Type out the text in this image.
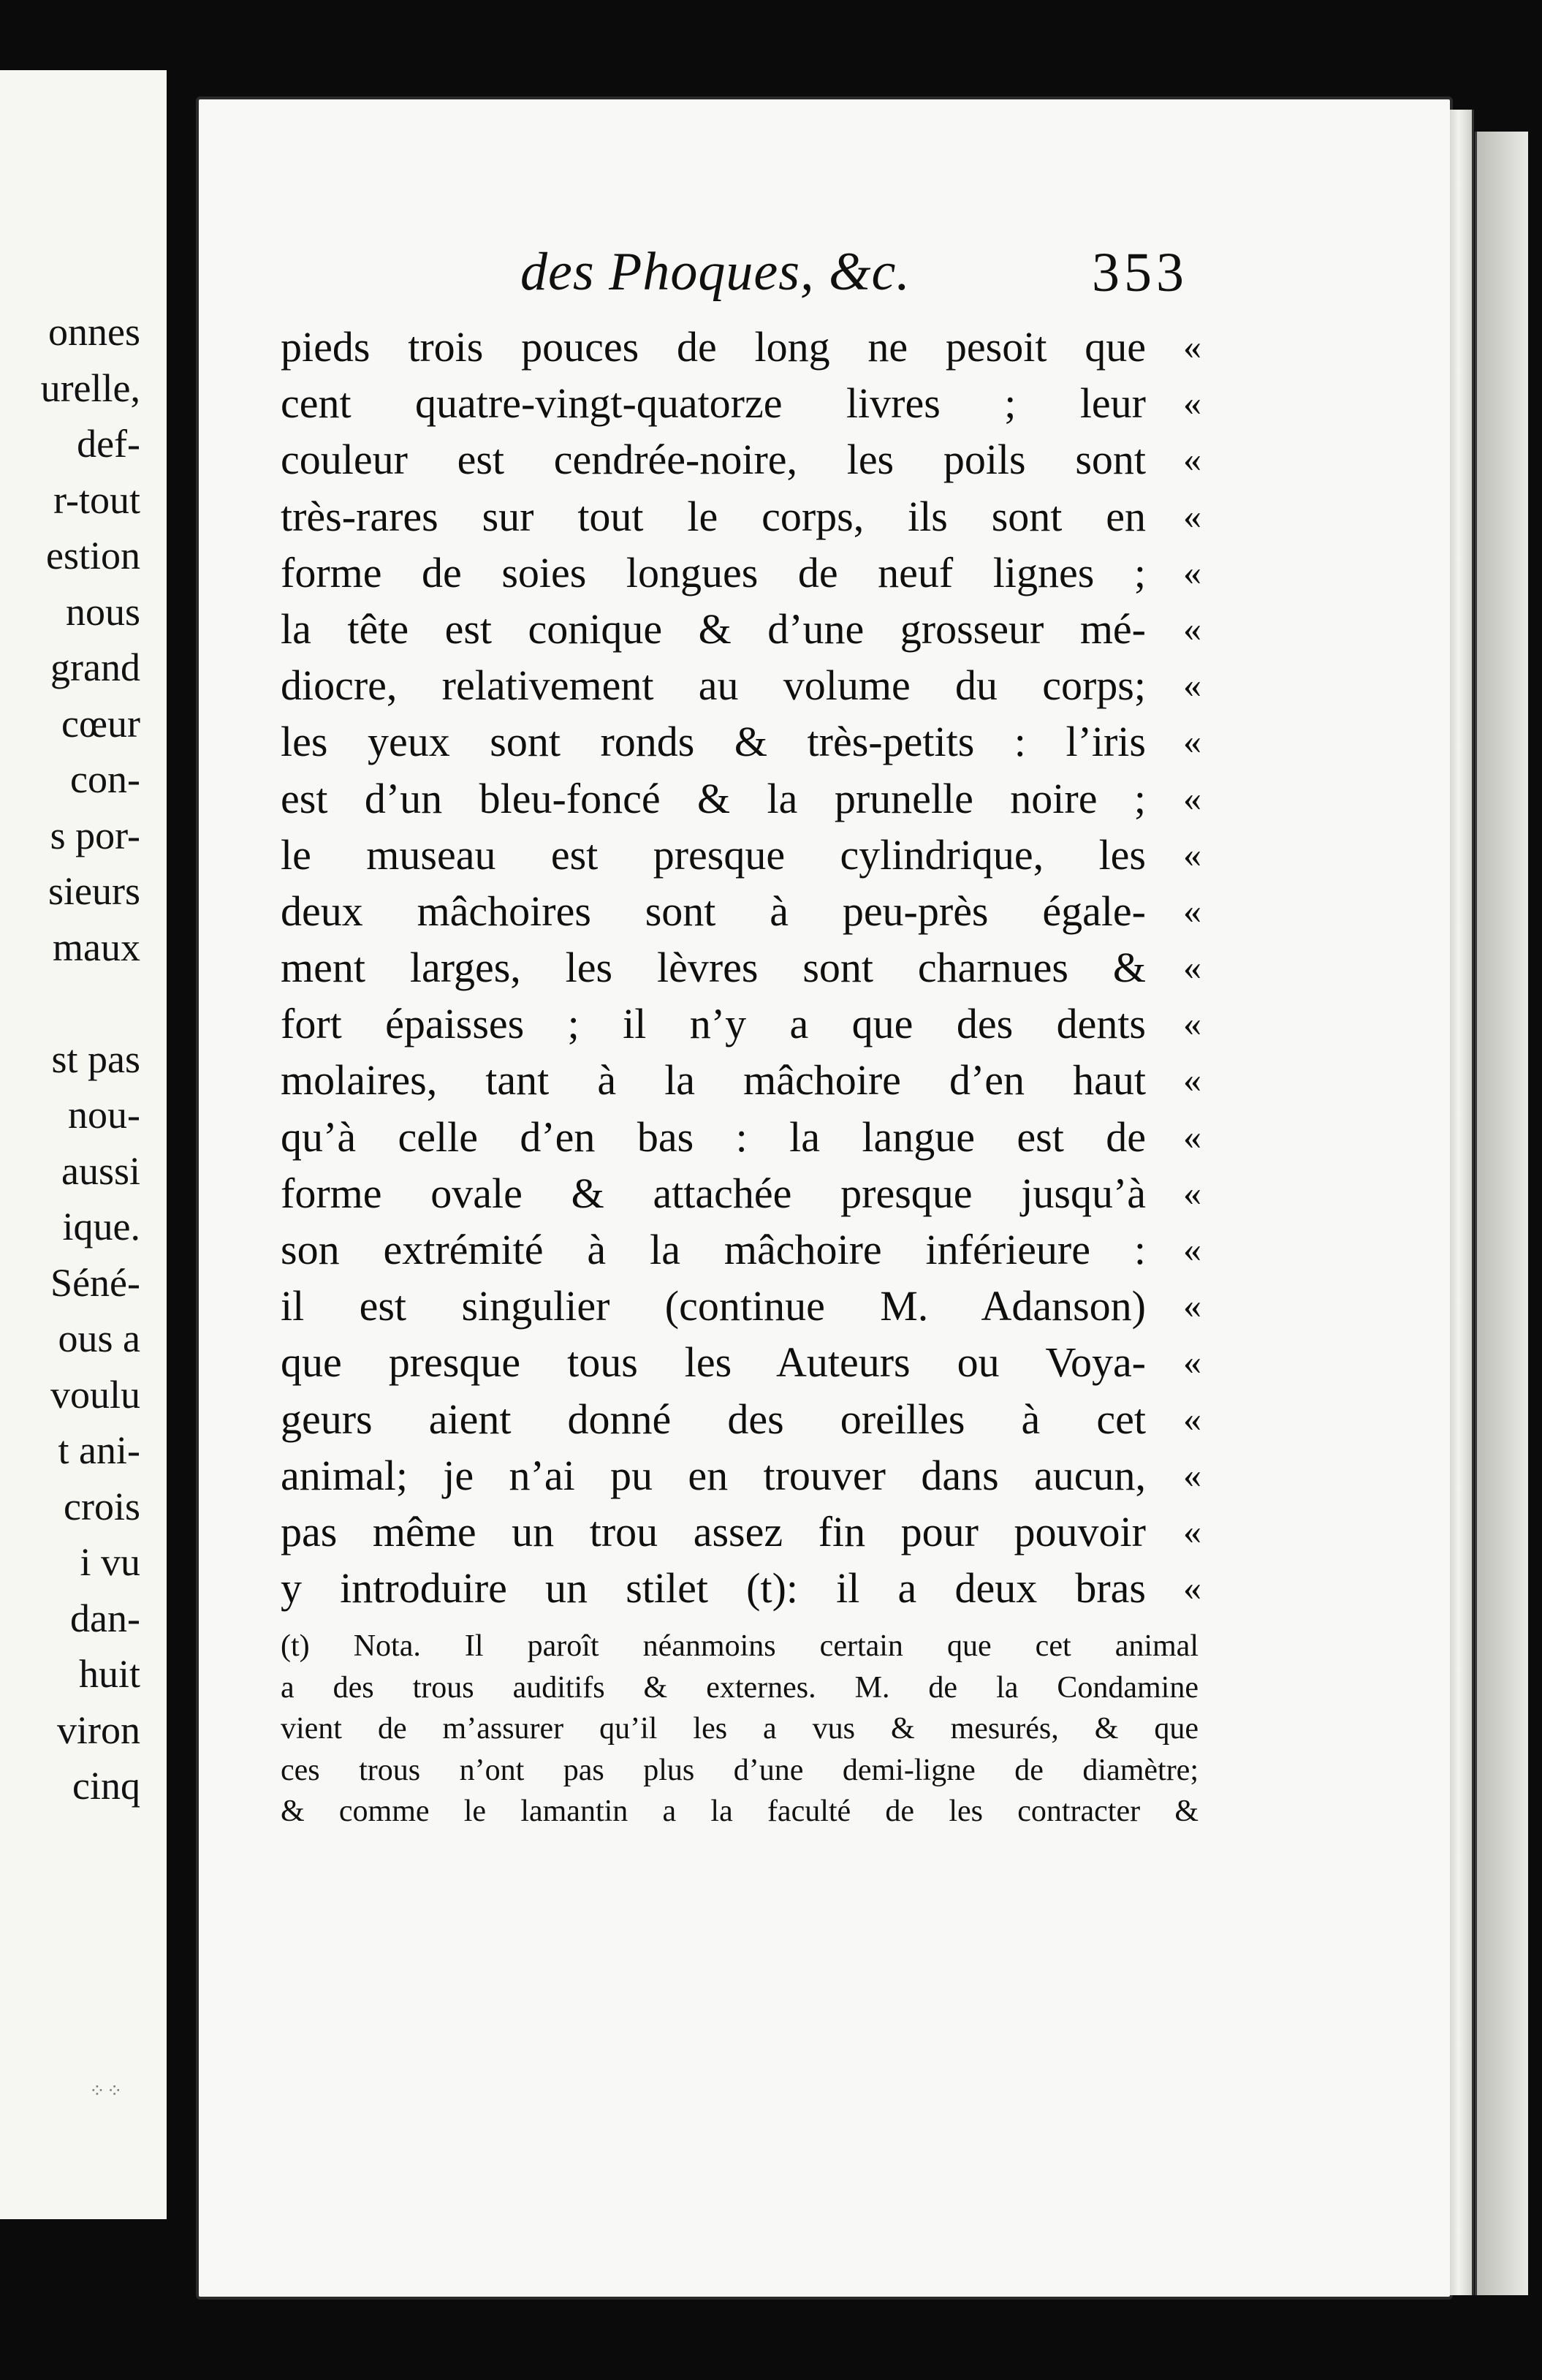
onnes
urelle,
def-
r-tout
estion
nous
grand
cœur
con-
s por-
sieurs
maux
st pas
nou-
aussi
ique.
Séné-
ous a
voulu
t ani-
crois
i vu
dan-
huit
viron
cinq
⁘⁘
des Phoques, &c.	353
pieds trois pouces de long ne pesoit que	«
cent quatre-vingt-quatorze livres ; leur	«
couleur est cendrée-noire, les poils sont	«
très-rares sur tout le corps, ils sont en	«
forme de soies longues de neuf lignes ;	«
la tête est conique & d’une grosseur mé-	«
diocre, relativement au volume du corps;	«
les yeux sont ronds & très-petits : l’iris	«
est d’un bleu-foncé & la prunelle noire ;	«
le museau est presque cylindrique, les	«
deux mâchoires sont à peu-près égale-	«
ment larges, les lèvres sont charnues &	«
fort épaisses ; il n’y a que des dents	«
molaires, tant à la mâchoire d’en haut	«
qu’à celle d’en bas : la langue est de	«
forme ovale & attachée presque jusqu’à	«
son extrémité à la mâchoire inférieure :	«
il est singulier (continue M. Adanson)	«
que presque tous les Auteurs ou Voya-	«
geurs aient donné des oreilles à cet	«
animal; je n’ai pu en trouver dans aucun,	«
pas même un trou assez fin pour pouvoir	«
y introduire un stilet (t): il a deux bras	«
(t) Nota. Il paroît néanmoins certain que cet animal
a des trous auditifs & externes. M. de la Condamine
vient de m’assurer qu’il les a vus & mesurés, & que
ces trous n’ont pas plus d’une demi-ligne de diamètre;
& comme le lamantin a la faculté de les contracter &
